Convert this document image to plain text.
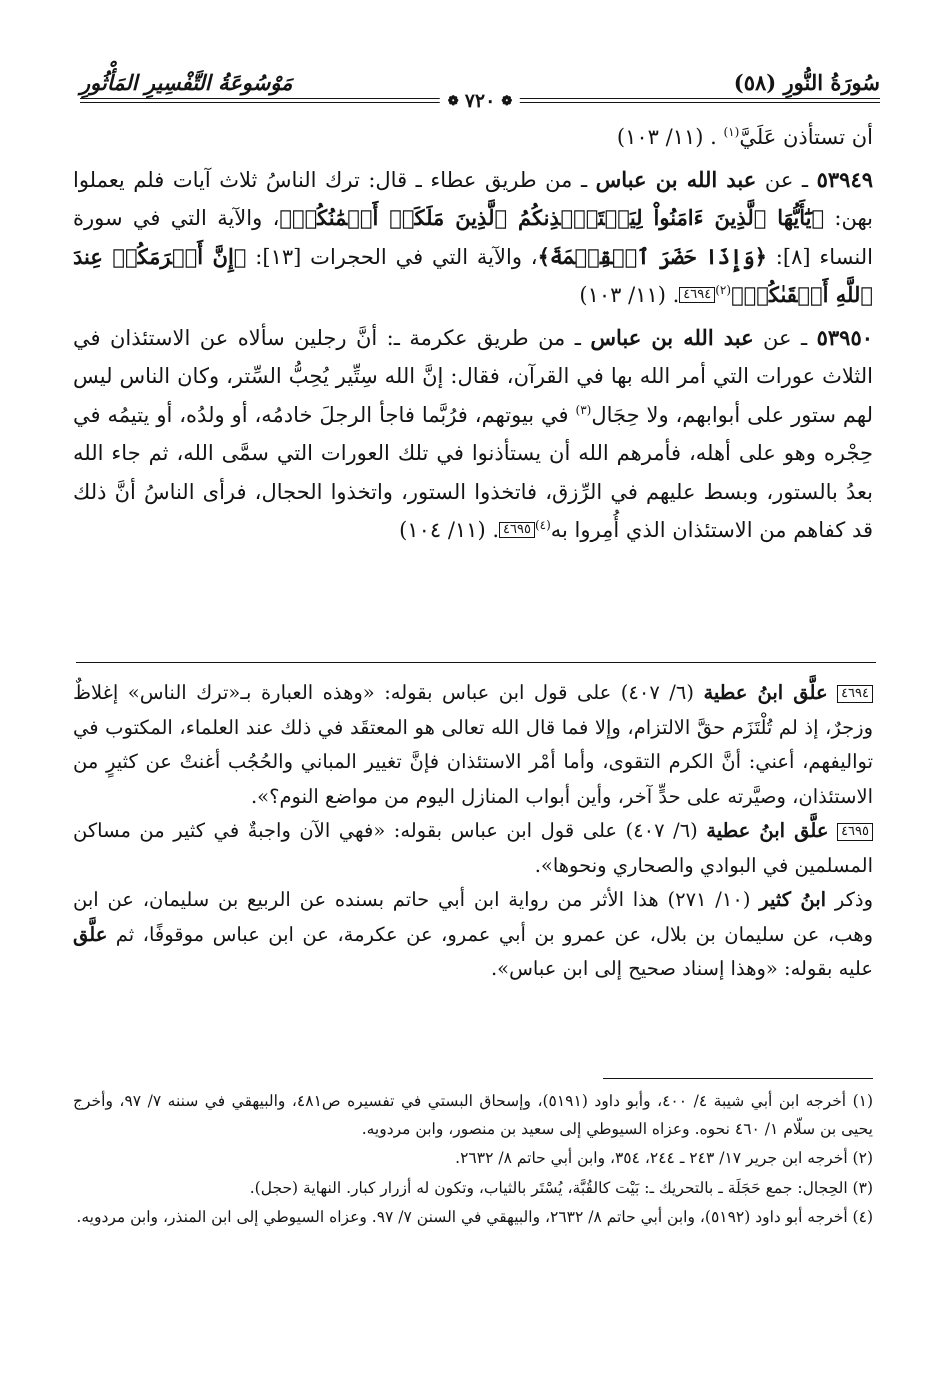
سُورَةُ النُّورِ (٥٨)
مَوْسُوعَةُ التَّفْسِيرِ المَأْثُورِ
❁
٧٢٠
❁

أن تستأذن عَلَيَّ$^{(١)}$ . (١١/ ١٠٣)

٥٣٩٤٩ ـ عن عبد الله بن عباس ـ من طريق عطاء ـ قال: ترك الناسُ ثلاث آيات فلم يعملوا بهن: ﴿يَٰٓأَيُّهَا ٱلَّذِينَ ءَامَنُواْ لِيَسۡتَـٔۡذِنكُمُ ٱلَّذِينَ مَلَكَتۡ أَيۡمَٰنُكُمۡ﴾، والآية التي في سورة النساء [٨]: ﴿وَإِذَا حَضَرَ ٱلۡقِسۡمَةَ﴾، والآية التي في الحجرات [١٣]: ﴿إِنَّ أَكۡرَمَكُمۡ عِندَ ٱللَّهِ أَتۡقَىٰكُمۡ﴾$^{(٢)}$٤٦٩٤. (١١/ ١٠٣)

٥٣٩٥٠ ـ عن عبد الله بن عباس ـ من طريق عكرمة ـ: أنَّ رجلين سألاه عن الاستئذان في الثلاث عورات التي أمر الله بها في القرآن، فقال: إنَّ الله سِتِّير يُحِبُّ السِّتر، وكان الناس ليس لهم ستور على أبوابهم، ولا حِجَال$^{(٣)}$ في بيوتهم، فرُبَّما فاجأ الرجلَ خادمُه، أو ولدُه، أو يتيمُه في حِجْره وهو على أهله، فأمرهم الله أن يستأذنوا في تلك العورات التي سمَّى الله، ثم جاء الله بعدُ بالستور، وبسط عليهم في الرِّزق، فاتخذوا الستور، واتخذوا الحجال، فرأى الناسُ أنَّ ذلك قد كفاهم من الاستئذان الذي أُمِروا به$^{(٤)}$٤٦٩٥. (١١/ ١٠٤)

٤٦٩٤ علَّق ابنُ عطية (٦/ ٤٠٧) على قول ابن عباس بقوله: «وهذه العبارة بـ«ترك الناس» إغلاظٌ وزجرٌ، إذ لم تُلْتَزَم حقَّ الالتزام، وإلا فما قال الله تعالى هو المعتقَد في ذلك عند العلماء، المكتوب في تواليفهم، أعني: أنَّ الكرم التقوى، وأما أمْر الاستئذان فإنَّ تغيير المباني والحُجُب أغنتْ عن كثيرٍ من الاستئذان، وصيَّرته على حدٍّ آخر، وأين أبواب المنازل اليوم من مواضع النوم؟».

٤٦٩٥ علَّق ابنُ عطية (٦/ ٤٠٧) على قول ابن عباس بقوله: «فهي الآن واجبةٌ في كثير من مساكن المسلمين في البوادي والصحاري ونحوها».

وذكر ابنُ كثير (١٠/ ٢٧١) هذا الأثر من رواية ابن أبي حاتم بسنده عن الربيع بن سليمان، عن ابن وهب، عن سليمان بن بلال، عن عمرو بن أبي عمرو، عن عكرمة، عن ابن عباس موقوفًا، ثم علَّق عليه بقوله: «وهذا إسناد صحيح إلى ابن عباس».

(١) أخرجه ابن أبي شيبة ٤/ ٤٠٠، وأبو داود (٥١٩١)، وإسحاق البستي في تفسيره ص٤٨١، والبيهقي في سننه ٧/ ٩٧، وأخرج يحيى بن سلّام ١/ ٤٦٠ نحوه. وعزاه السيوطي إلى سعيد بن منصور، وابن مردويه.

(٢) أخرجه ابن جرير ١٧/ ٢٤٣ ـ ٢٤٤، ٣٥٤، وابن أبي حاتم ٨/ ٢٦٣٢.

(٣) الحِجال: جمع حَجَلَة ـ بالتحريك ـ: بَيْت كالقُبَّة، يُسْتَر بالثياب، وتكون له أزرار كبار. النهاية (حجل).

(٤) أخرجه أبو داود (٥١٩٢)، وابن أبي حاتم ٨/ ٢٦٣٢، والبيهقي في السنن ٧/ ٩٧. وعزاه السيوطي إلى ابن المنذر، وابن مردويه.
